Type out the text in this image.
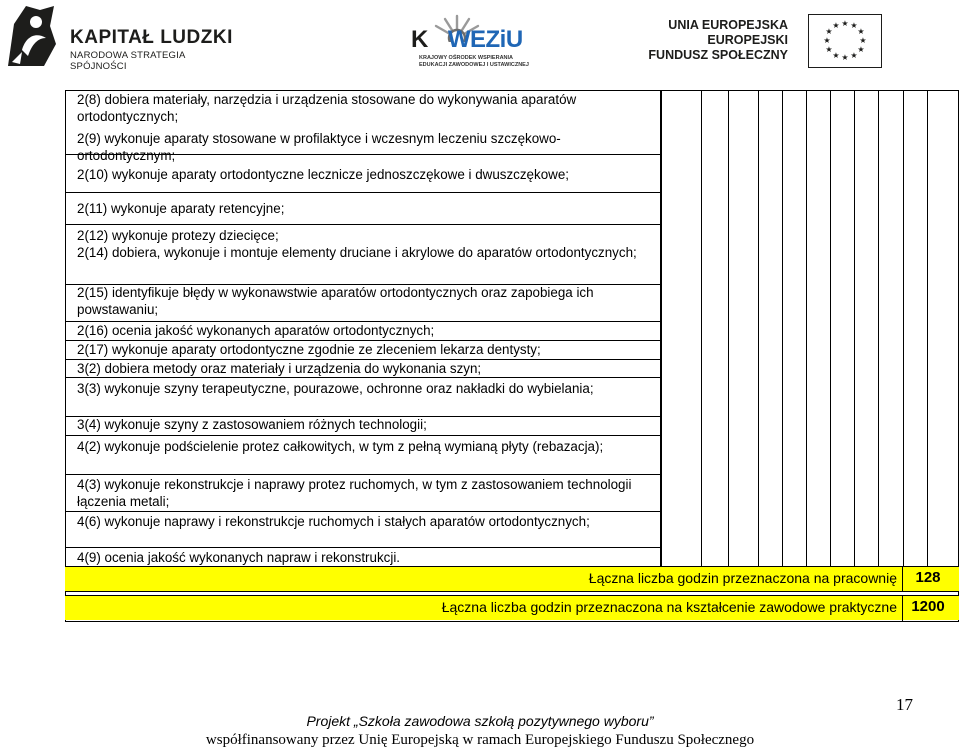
KAPITAŁ LUDZKI
NARODOWA STRATEGIA SPÓJNOŚCI
K WEZiU
KRAJOWY OŚRODEK WSPIERANIA
EDUKACJI ZAWODOWEJ I USTAWICZNEJ
UNIA EUROPEJSKA
EUROPEJSKI
FUNDUSZ SPOŁECZNY
★ ★
★
★
★
★
★
★
★
★
★
★
2(8) dobiera materiały, narzędzia i urządzenia stosowane do wykonywania aparatów ortodontycznych;
2(9) wykonuje aparaty stosowane w profilaktyce i wczesnym leczeniu szczękowo-ortodontycznym;
2(10) wykonuje aparaty ortodontyczne lecznicze jednoszczękowe i dwuszczękowe;
2(11) wykonuje aparaty retencyjne;
2(12) wykonuje protezy dziecięce;
2(14) dobiera, wykonuje i montuje elementy druciane i akrylowe do aparatów ortodontycznych;
2(15) identyfikuje błędy w wykonawstwie aparatów ortodontycznych oraz zapobiega ich powstawaniu;
2(16) ocenia jakość wykonanych aparatów ortodontycznych;
2(17) wykonuje aparaty ortodontyczne zgodnie ze zleceniem lekarza dentysty;
3(2) dobiera metody oraz materiały i urządzenia do wykonania szyn;
3(3) wykonuje szyny terapeutyczne, pourazowe, ochronne oraz nakładki do wybielania;
3(4) wykonuje szyny z zastosowaniem różnych technologii;
4(2) wykonuje podścielenie protez całkowitych, w tym z pełną wymianą płyty (rebazacja);
4(3) wykonuje rekonstrukcje i naprawy protez ruchomych, w tym z zastosowaniem technologii łączenia metali;
4(6) wykonuje naprawy i rekonstrukcje ruchomych i stałych aparatów ortodontycznych;
4(9) ocenia jakość wykonanych napraw i rekonstrukcji.
Łączna liczba godzin przeznaczona na pracownię	128
Łączna liczba godzin przeznaczona na kształcenie zawodowe praktyczne 1200
17
Projekt „Szkoła zawodowa szkołą pozytywnego wyboru”
współfinansowany przez Unię Europejską w ramach Europejskiego Funduszu Społecznego
